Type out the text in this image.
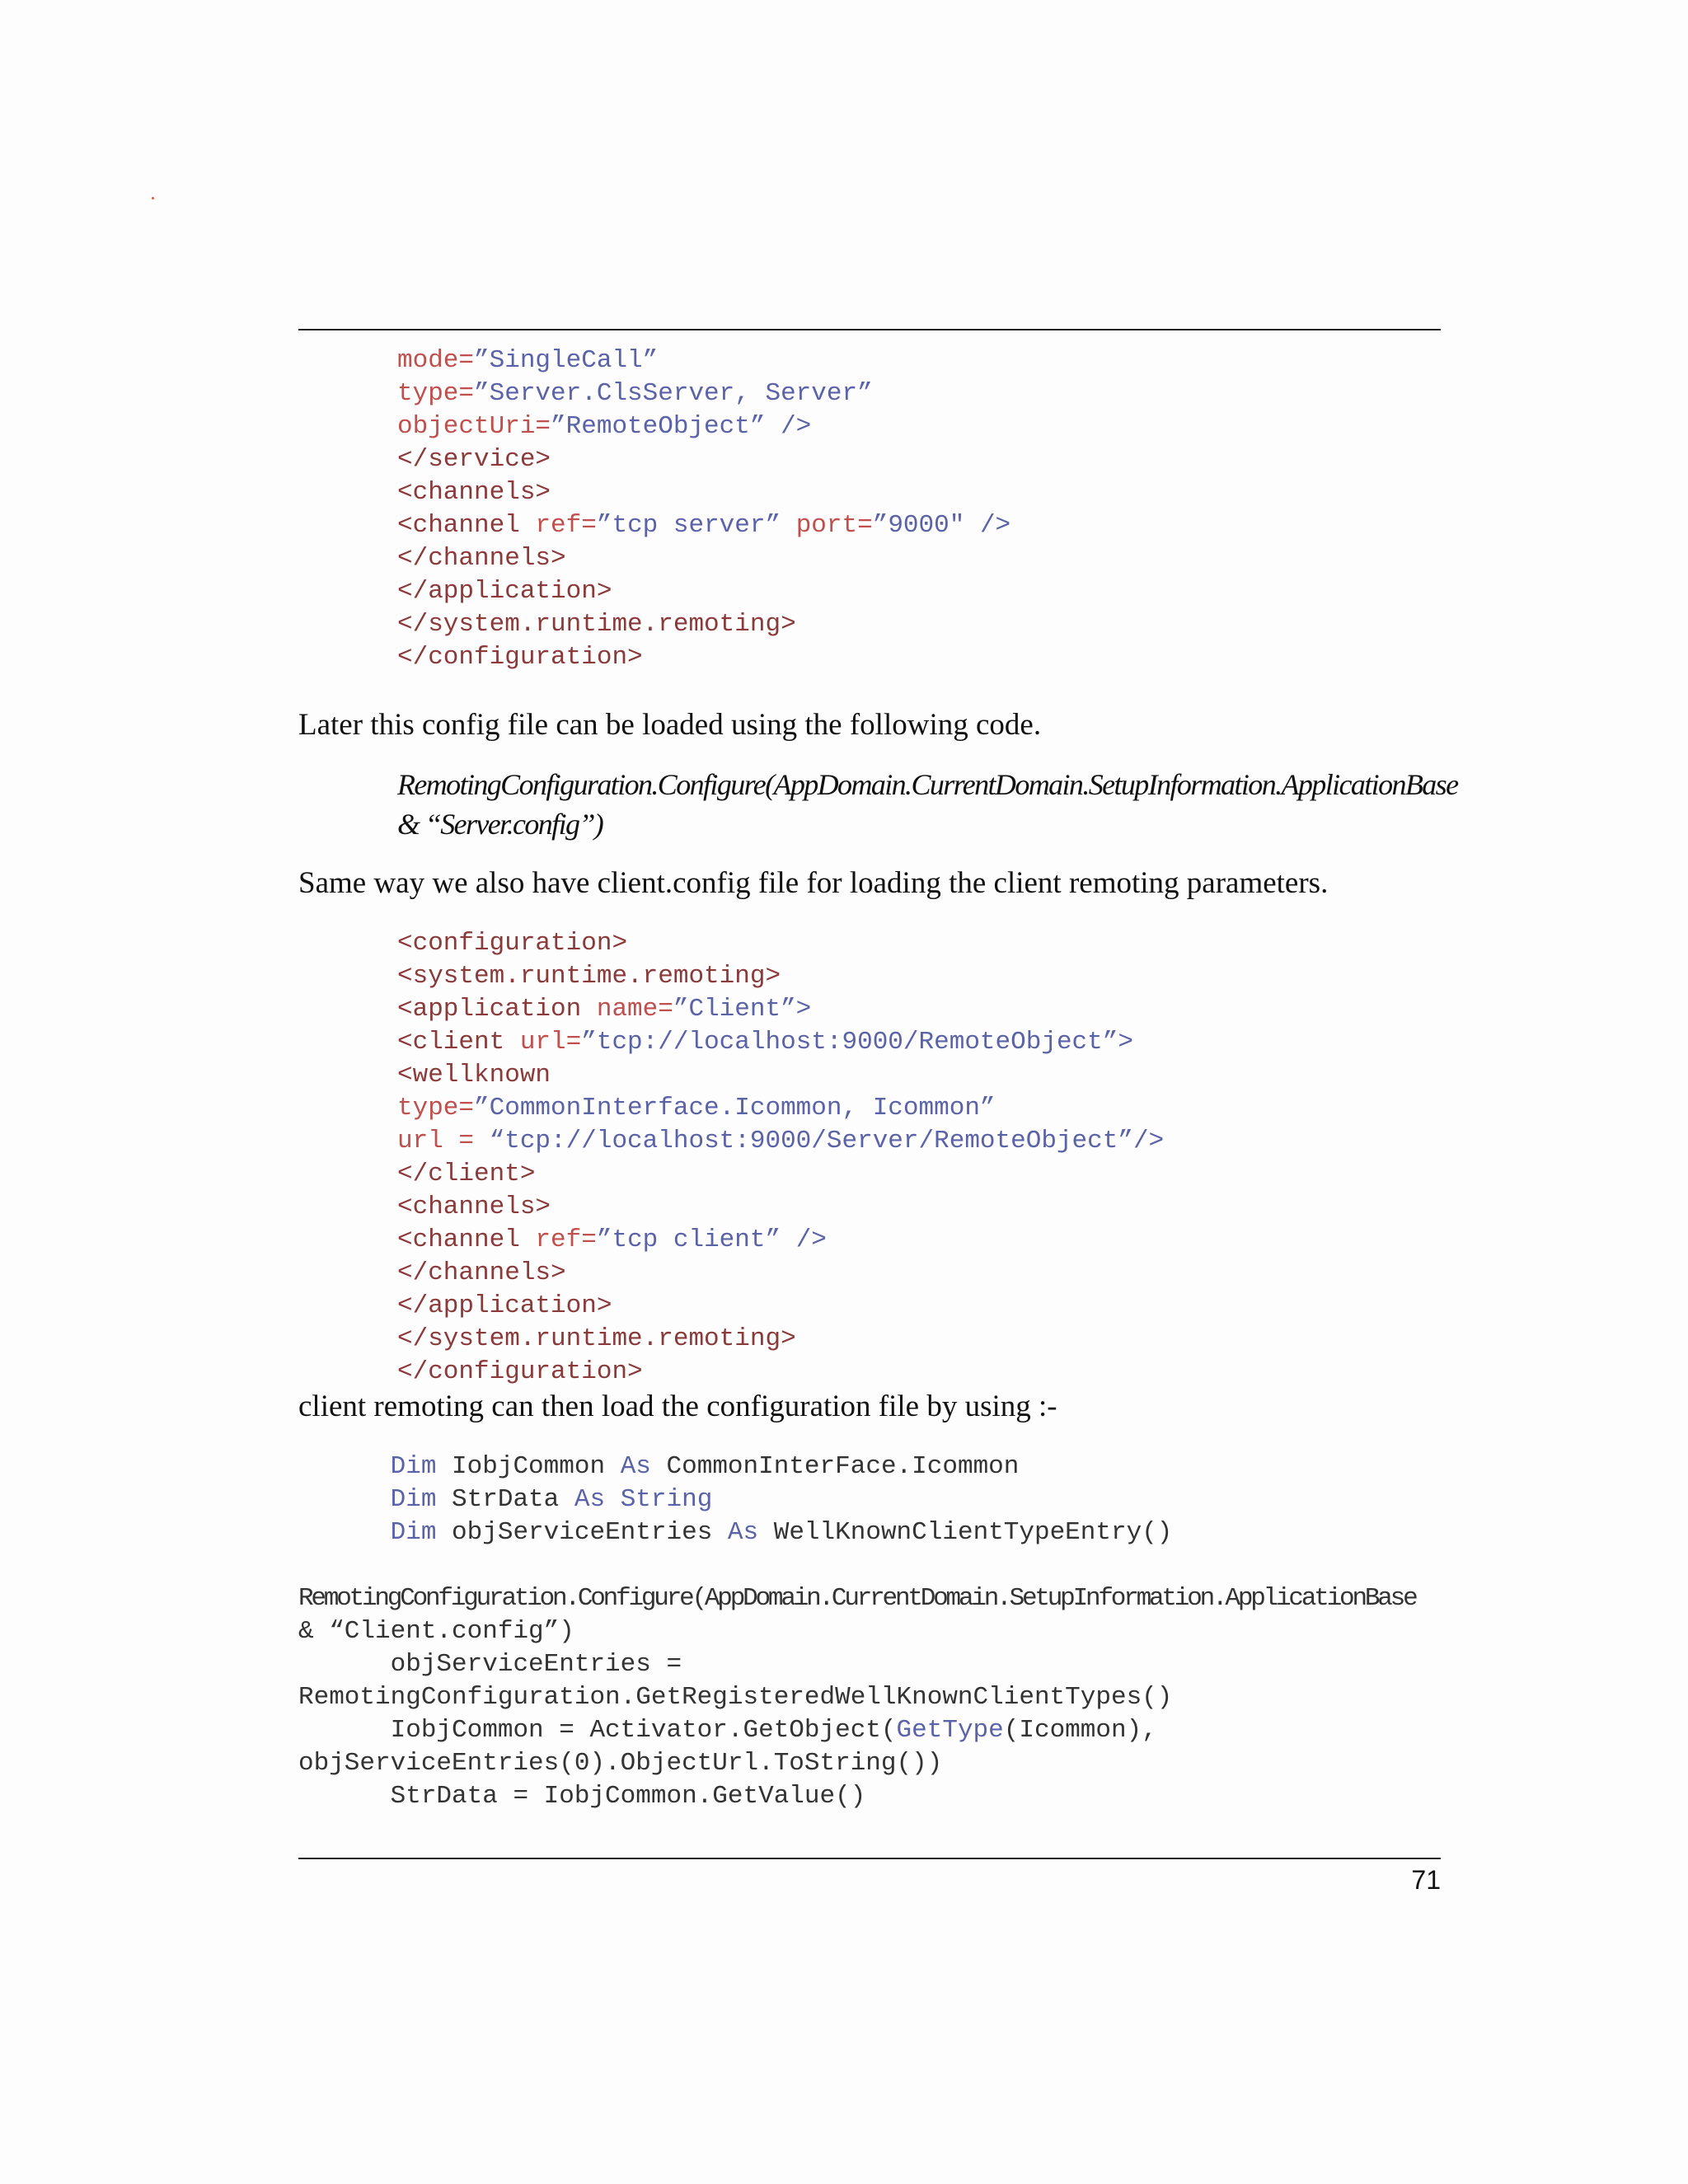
mode=”SingleCall”
type=”Server.ClsServer, Server”
objectUri=”RemoteObject” />
</service>
<channels>
<channel ref=”tcp server” port=”9000" />
</channels>
</application>
</system.runtime.remoting>
</configuration>
Later this config file can be loaded using the following code.
RemotingConfiguration.Configure(AppDomain.CurrentDomain.SetupInformation.ApplicationBase
& “Server.config”)
Same way we also have client.config file for loading the client remoting parameters.
<configuration>
<system.runtime.remoting>
<application name=”Client”>
<client url=”tcp://localhost:9000/RemoteObject”>
<wellknown
type=”CommonInterface.Icommon, Icommon”
url = “tcp://localhost:9000/Server/RemoteObject”/>
</client>
<channels>
<channel ref=”tcp client” />
</channels>
</application>
</system.runtime.remoting>
</configuration>
client remoting can then load the configuration file by using :-
Dim IobjCommon As CommonInterFace.Icommon
Dim StrData As String
Dim objServiceEntries As WellKnownClientTypeEntry()

RemotingConfiguration.Configure(AppDomain.CurrentDomain.SetupInformation.ApplicationBase
& “Client.config”)
objServiceEntries =
RemotingConfiguration.GetRegisteredWellKnownClientTypes()
IobjCommon = Activator.GetObject(GetType(Icommon),
objServiceEntries(0).ObjectUrl.ToString())
StrData = IobjCommon.GetValue()
71
